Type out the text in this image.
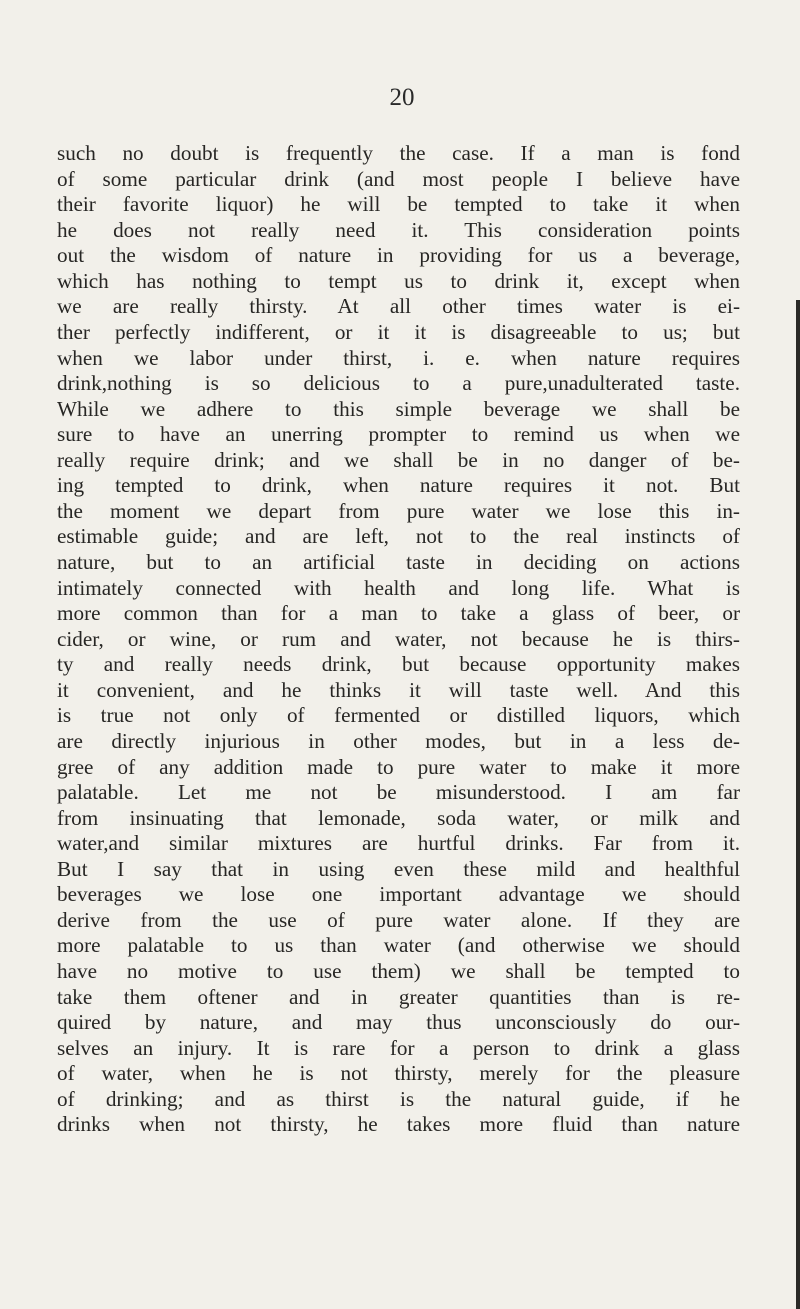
20
such no doubt is frequently the case. If a man is fond
of some particular drink (and most people I believe have
their favorite liquor) he will be tempted to take it when
he does not really need it. This consideration points
out the wisdom of nature in providing for us a beverage,
which has nothing to tempt us to drink it, except when
we are really thirsty. At all other times water is ei-
ther perfectly indifferent, or it it is disagreeable to us; but
when we labor under thirst, i. e. when nature requires
drink,nothing is so delicious to a pure,unadulterated taste.
While we adhere to this simple beverage we shall be
sure to have an unerring prompter to remind us when we
really require drink; and we shall be in no danger of be-
ing tempted to drink, when nature requires it not. But
the moment we depart from pure water we lose this in-
estimable guide; and are left, not to the real instincts of
nature, but to an artificial taste in deciding on actions
intimately connected with health and long life. What is
more common than for a man to take a glass of beer, or
cider, or wine, or rum and water, not because he is thirs-
ty and really needs drink, but because opportunity makes
it convenient, and he thinks it will taste well. And this
is true not only of fermented or distilled liquors, which
are directly injurious in other modes, but in a less de-
gree of any addition made to pure water to make it more
palatable. Let me not be misunderstood. I am far
from insinuating that lemonade, soda water, or milk and
water,and similar mixtures are hurtful drinks. Far from it.
But I say that in using even these mild and healthful
beverages we lose one important advantage we should
derive from the use of pure water alone. If they are
more palatable to us than water (and otherwise we should
have no motive to use them) we shall be tempted to
take them oftener and in greater quantities than is re-
quired by nature, and may thus unconsciously do our-
selves an injury. It is rare for a person to drink a glass
of water, when he is not thirsty, merely for the pleasure
of drinking; and as thirst is the natural guide, if he
drinks when not thirsty, he takes more fluid than nature
